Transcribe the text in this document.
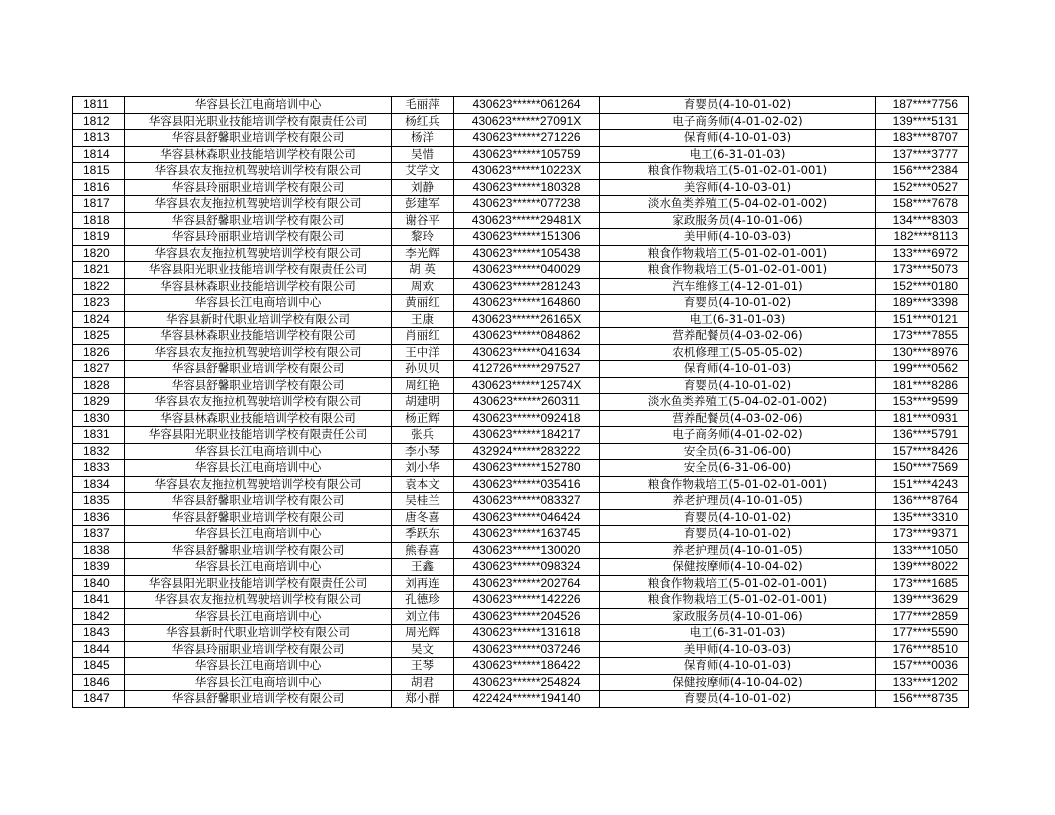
1811	华容县长江电商培训中心	毛丽萍	430623******061264	育婴员(4-10-01-02)	187****7756
1812	华容县阳光职业技能培训学校有限责任公司	杨红兵	430623******27091X	电子商务师(4-01-02-02)	139****5131
1813	华容县舒馨职业培训学校有限公司	杨洋	430623******271226	保育师(4-10-01-03)	183****8707
1814	华容县林森职业技能培训学校有限公司	吴惜	430623******105759	电工(6-31-01-03)	137****3777
1815	华容县农友拖拉机驾驶培训学校有限公司	艾学文	430623******10223X	粮食作物栽培工(5-01-02-01-001)	156****2384
1816	华容县玲丽职业培训学校有限公司	刘静	430623******180328	美容师(4-10-03-01)	152****0527
1817	华容县农友拖拉机驾驶培训学校有限公司	彭建军	430623******077238	淡水鱼类养殖工(5-04-02-01-002)	158****7678
1818	华容县舒馨职业培训学校有限公司	谢谷平	430623******29481X	家政服务员(4-10-01-06)	134****8303
1819	华容县玲丽职业培训学校有限公司	黎玲	430623******151306	美甲师(4-10-03-03)	182****8113
1820	华容县农友拖拉机驾驶培训学校有限公司	李光辉	430623******105438	粮食作物栽培工(5-01-02-01-001)	133****6972
1821	华容县阳光职业技能培训学校有限责任公司	胡 英	430623******040029	粮食作物栽培工(5-01-02-01-001)	173****5073
1822	华容县林森职业技能培训学校有限公司	周欢	430623******281243	汽车维修工(4-12-01-01)	152****0180
1823	华容县长江电商培训中心	黄丽红	430623******164860	育婴员(4-10-01-02)	189****3398
1824	华容县新时代职业培训学校有限公司	王康	430623******26165X	电工(6-31-01-03)	151****0121
1825	华容县林森职业技能培训学校有限公司	肖丽红	430623******084862	营养配餐员(4-03-02-06)	173****7855
1826	华容县农友拖拉机驾驶培训学校有限公司	王中洋	430623******041634	农机修理工(5-05-05-02)	130****8976
1827	华容县舒馨职业培训学校有限公司	孙贝贝	412726******297527	保育师(4-10-01-03)	199****0562
1828	华容县舒馨职业培训学校有限公司	周红艳	430623******12574X	育婴员(4-10-01-02)	181****8286
1829	华容县农友拖拉机驾驶培训学校有限公司	胡建明	430623******260311	淡水鱼类养殖工(5-04-02-01-002)	153****9599
1830	华容县林森职业技能培训学校有限公司	杨正辉	430623******092418	营养配餐员(4-03-02-06)	181****0931
1831	华容县阳光职业技能培训学校有限责任公司	张兵	430623******184217	电子商务师(4-01-02-02)	136****5791
1832	华容县长江电商培训中心	李小琴	432924******283222	安全员(6-31-06-00)	157****8426
1833	华容县长江电商培训中心	刘小华	430623******152780	安全员(6-31-06-00)	150****7569
1834	华容县农友拖拉机驾驶培训学校有限公司	袁本文	430623******035416	粮食作物栽培工(5-01-02-01-001)	151****4243
1835	华容县舒馨职业培训学校有限公司	吴桂兰	430623******083327	养老护理员(4-10-01-05)	136****8764
1836	华容县舒馨职业培训学校有限公司	唐冬喜	430623******046424	育婴员(4-10-01-02)	135****3310
1837	华容县长江电商培训中心	季跃东	430623******163745	育婴员(4-10-01-02)	173****9371
1838	华容县舒馨职业培训学校有限公司	熊春喜	430623******130020	养老护理员(4-10-01-05)	133****1050
1839	华容县长江电商培训中心	王鑫	430623******098324	保健按摩师(4-10-04-02)	139****8022
1840	华容县阳光职业技能培训学校有限责任公司	刘再连	430623******202764	粮食作物栽培工(5-01-02-01-001)	173****1685
1841	华容县农友拖拉机驾驶培训学校有限公司	孔德珍	430623******142226	粮食作物栽培工(5-01-02-01-001)	139****3629
1842	华容县长江电商培训中心	刘立伟	430623******204526	家政服务员(4-10-01-06)	177****2859
1843	华容县新时代职业培训学校有限公司	周光辉	430623******131618	电工(6-31-01-03)	177****5590
1844	华容县玲丽职业培训学校有限公司	吴文	430623******037246	美甲师(4-10-03-03)	176****8510
1845	华容县长江电商培训中心	王琴	430623******186422	保育师(4-10-01-03)	157****0036
1846	华容县长江电商培训中心	胡君	430623******254824	保健按摩师(4-10-04-02)	133****1202
1847	华容县舒馨职业培训学校有限公司	郑小群	422424******194140	育婴员(4-10-01-02)	156****8735
